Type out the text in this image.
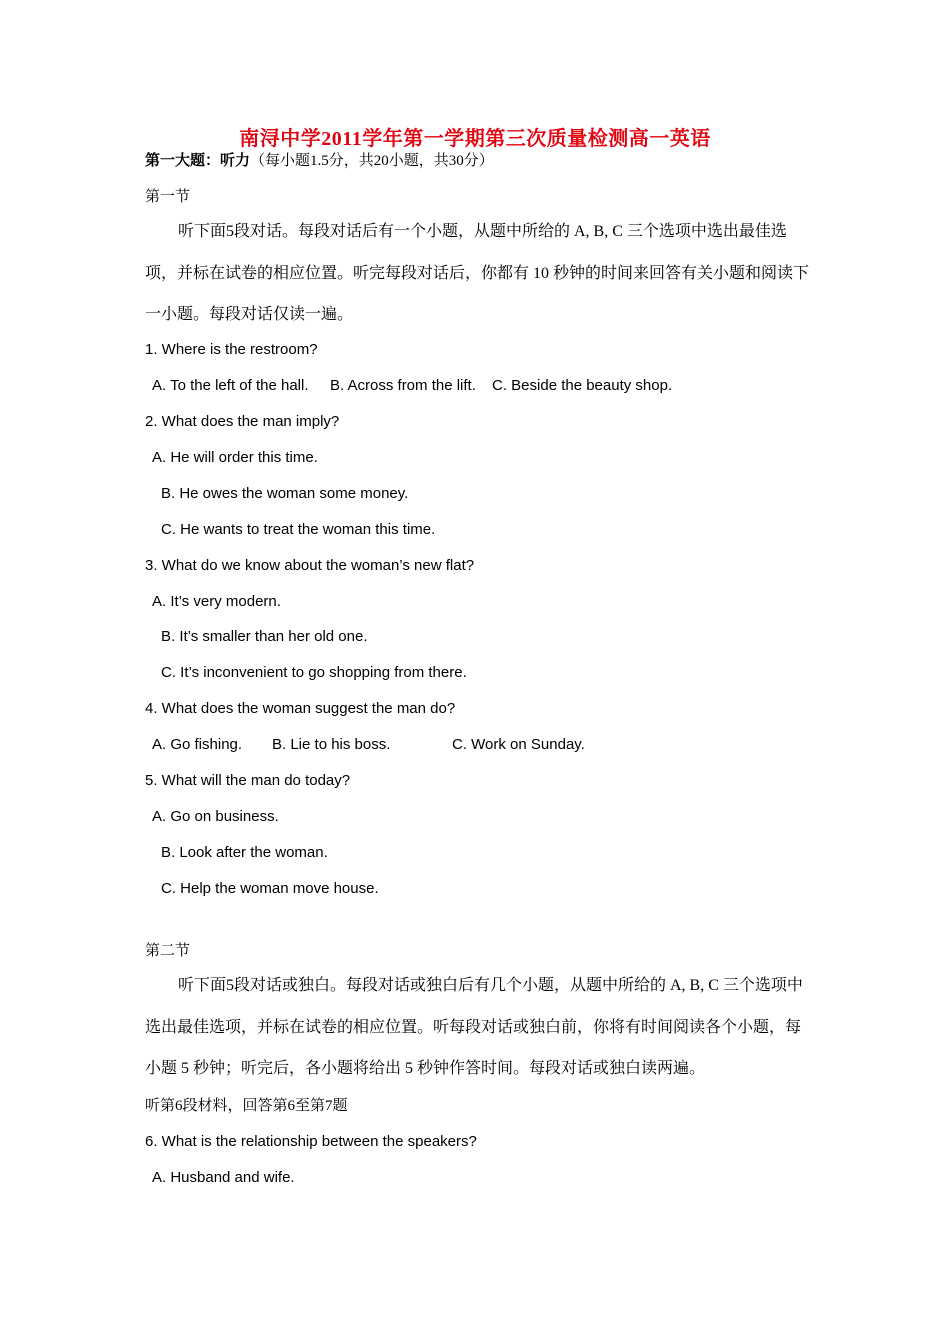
南浔中学2011学年第一学期第三次质量检测高一英语
第一大题：听力（每小题1.5分，共20小题，共30分）
第一节
听下面5段对话。每段对话后有一个小题，从题中所给的 A, B, C 三个选项中选出最佳选项，并标在试卷的相应位置。听完每段对话后，你都有 10 秒钟的时间来回答有关小题和阅读下一小题。每段对话仅读一遍。
1. Where is the restroom?
A. To the left of the hall. B. Across from the lift. C. Beside the beauty shop.
2. What does the man imply?
A. He will order this time.
B. He owes the woman some money.
C. He wants to treat the woman this time.
3. What do we know about the woman’s new flat?
A. It’s very modern.
B. It’s smaller than her old one.
C. It’s inconvenient to go shopping from there.
4. What does the woman suggest the man do?
A. Go fishing. B. Lie to his boss.	C. Work on Sunday.
5. What will the man do today?
A. Go on business.
B. Look after the woman.
C. Help the woman move house.
第二节
听下面5段对话或独白。每段对话或独白后有几个小题，从题中所给的 A, B, C 三个选项中选出最佳选项，并标在试卷的相应位置。听每段对话或独白前，你将有时间阅读各个小题，每小题 5 秒钟；听完后，各小题将给出 5 秒钟作答时间。每段对话或独白读两遍。
听第6段材料，回答第6至第7题
6. What is the relationship between the speakers?
A. Husband and wife.
